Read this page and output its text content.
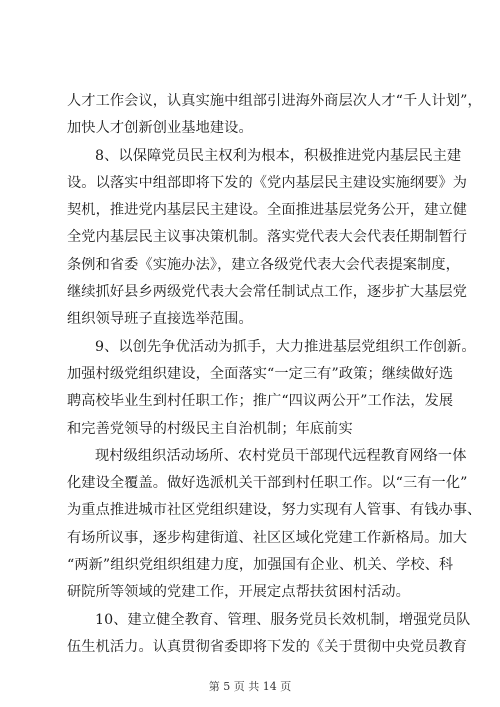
人才工作会议，认真实施中组部引进海外商层次人才“千人计划”，
加快人才创新创业基地建设。
8、以保障党员民主权利为根本，积极推进党内基层民主建
设。以落实中组部即将下发的《党内基层民主建设实施纲要》为
契机，推进党内基层民主建设。全面推进基层党务公开，建立健
全党内基层民主议事决策机制。落实党代表大会代表任期制暂行
条例和省委《实施办法》，建立各级党代表大会代表提案制度，
继续抓好县乡两级党代表大会常任制试点工作，逐步扩大基层党
组织领导班子直接选举范围。
9、以创先争优活动为抓手，大力推进基层党组织工作创新。
加强村级党组织建设，全面落实“一定三有”政策；继续做好选
聘高校毕业生到村任职工作；推广“四议两公开”工作法，发展
和完善党领导的村级民主自治机制；年底前实
现村级组织活动场所、农村党员干部现代远程教育网络一体
化建设全覆盖。做好选派机关干部到村任职工作。以“三有一化”
为重点推进城市社区党组织建设，努力实现有人管事、有钱办事、
有场所议事，逐步构建街道、社区区域化党建工作新格局。加大
“两新”组织党组织组建力度，加强国有企业、机关、学校、科
研院所等领域的党建工作，开展定点帮扶贫困村活动。
10、建立健全教育、管理、服务党员长效机制，增强党员队
伍生机活力。认真贯彻省委即将下发的《关于贯彻中央党员教育
第 5 页 共 14 页
